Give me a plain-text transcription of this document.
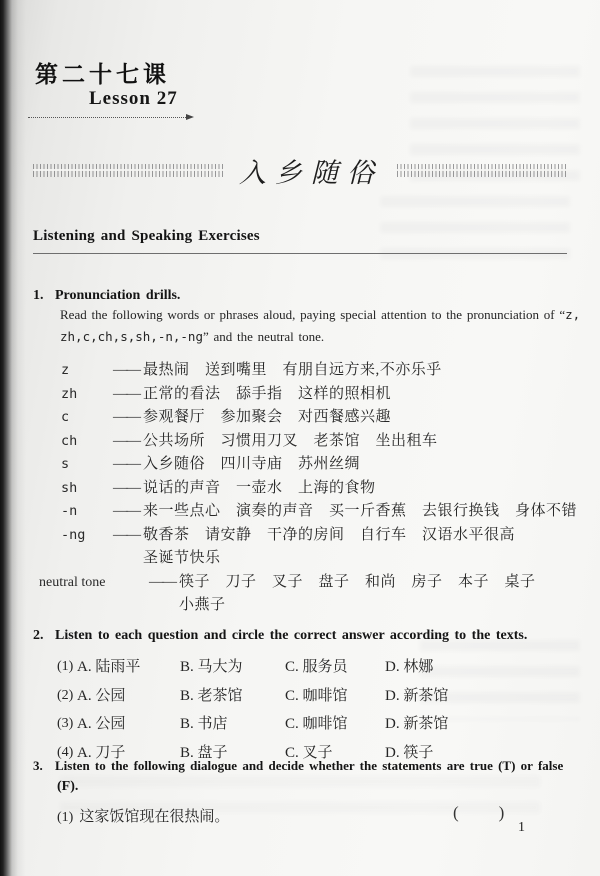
第二十七课
Lesson 27
入乡随俗
Listening and Speaking Exercises
1. Pronunciation drills.
Read the following words or phrases aloud, paying special attention to the pronunciation of “z,
zh,c,ch,s,sh,-n,-ng” and the neutral tone.
z	—— 最热闹　送到嘴里　有朋自远方来,不亦乐乎
zh	—— 正常的看法　舔手指　这样的照相机
c	—— 参观餐厅　参加聚会　对西餐感兴趣
ch	—— 公共场所　习惯用刀叉　老茶馆　坐出租车
s	—— 入乡随俗　四川寺庙　苏州丝绸
sh	—— 说话的声音　一壶水　上海的食物
-n	—— 来一些点心　演奏的声音　买一斤香蕉　去银行换钱　身体不错
-ng	—— 敬香茶　请安静　干净的房间　自行车　汉语水平很高
圣诞节快乐
neutral tone	—— 筷子　刀子　叉子　盘子　和尚　房子　本子　桌子
小燕子
2. Listen to each question and circle the correct answer according to the texts.
(1) A. 陆雨平	B. 马大为	C. 服务员	D. 林娜
(2) A. 公园	B. 老茶馆	C. 咖啡馆	D. 新茶馆
(3) A. 公园	B. 书店	C. 咖啡馆	D. 新茶馆
(4) A. 刀子	B. 盘子	C. 叉子	D. 筷子
3. Listen to the following dialogue and decide whether the statements are true (T) or false
(F).
(1) 这家饭馆现在很热闹。	(　　)
1
